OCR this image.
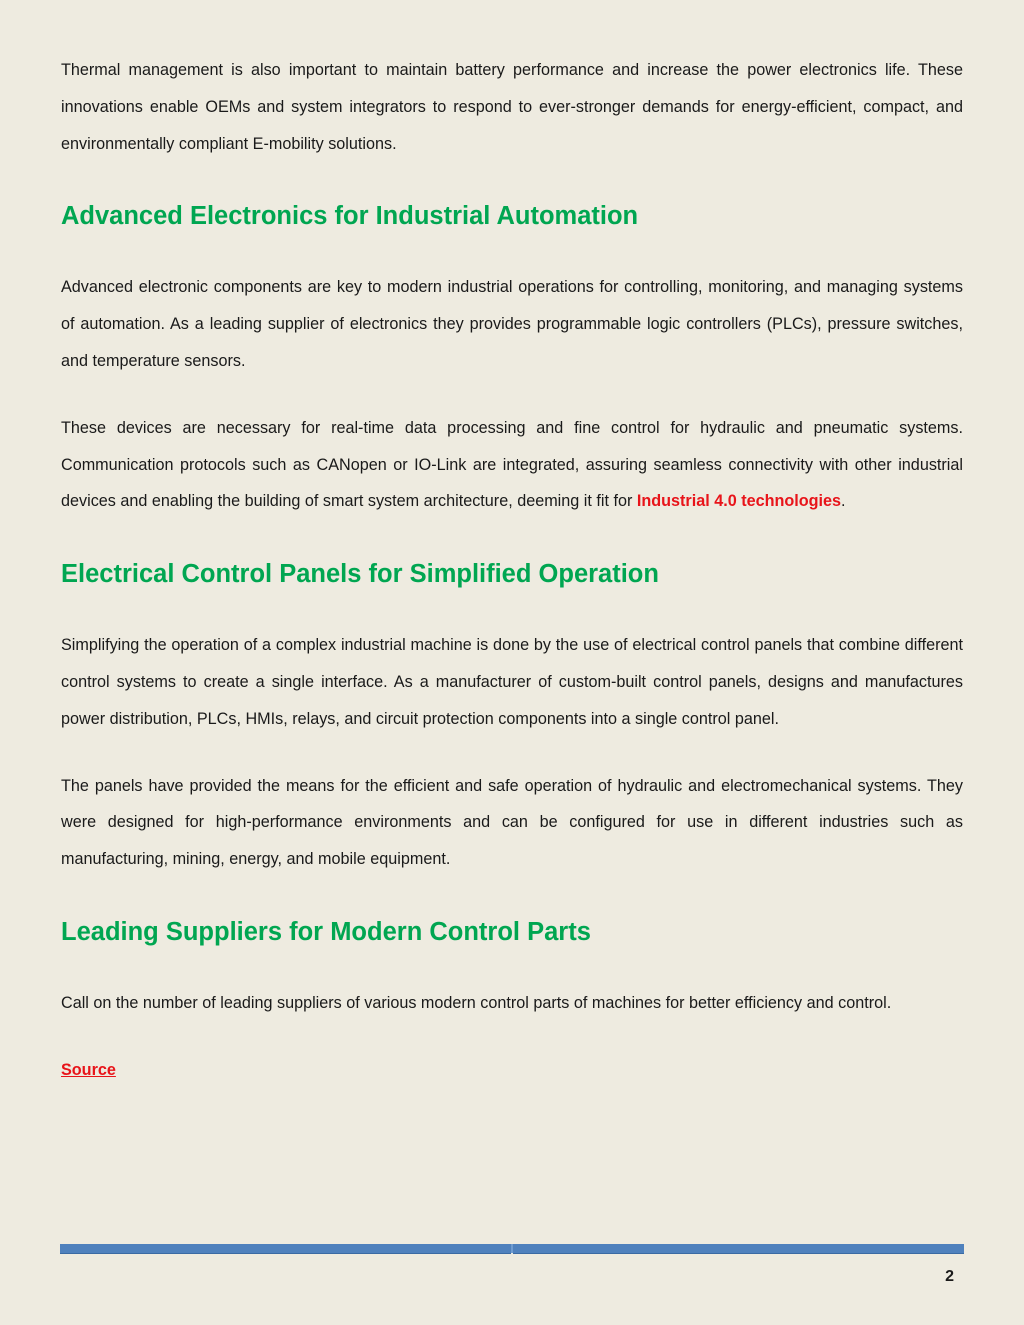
Thermal management is also important to maintain battery performance and increase the power electronics life. These innovations enable OEMs and system integrators to respond to ever-stronger demands for energy-efficient, compact, and environmentally compliant E-mobility solutions.

Advanced Electronics for Industrial Automation

Advanced electronic components are key to modern industrial operations for controlling, monitoring, and managing systems of automation. As a leading supplier of electronics they provides programmable logic controllers (PLCs), pressure switches, and temperature sensors.

These devices are necessary for real-time data processing and fine control for hydraulic and pneumatic systems. Communication protocols such as CANopen or IO-Link are integrated, assuring seamless connectivity with other industrial devices and enabling the building of smart system architecture, deeming it fit for Industrial 4.0 technologies.

Electrical Control Panels for Simplified Operation

Simplifying the operation of a complex industrial machine is done by the use of electrical control panels that combine different control systems to create a single interface. As a manufacturer of custom-built control panels, designs and manufactures power distribution, PLCs, HMIs, relays, and circuit protection components into a single control panel.

The panels have provided the means for the efficient and safe operation of hydraulic and electromechanical systems. They were designed for high-performance environments and can be configured for use in different industries such as manufacturing, mining, energy, and mobile equipment.

Leading Suppliers for Modern Control Parts

Call on the number of leading suppliers of various modern control parts of machines for better efficiency and control.

Source
2
